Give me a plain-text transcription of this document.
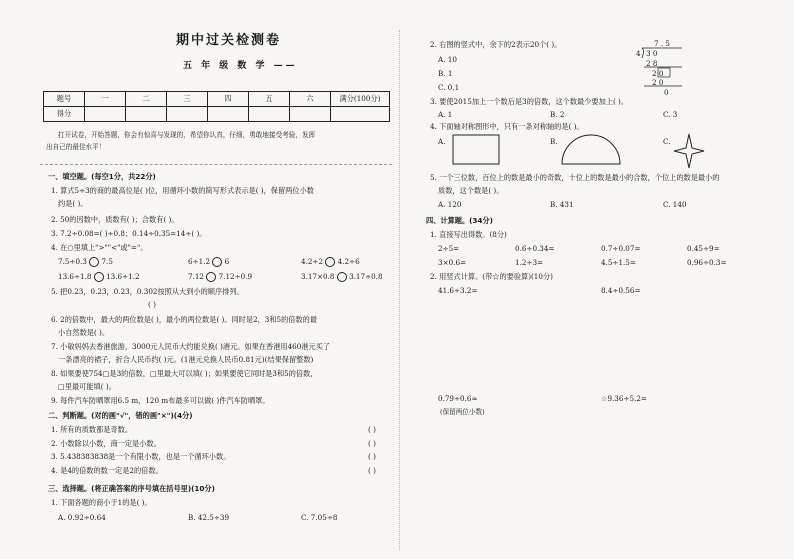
期中过关检测卷
五 年 级 数 学 ——
题号	一	二	三	四	五	六	满分(100分)
得分							
打开试卷，开始答题，你会有惊喜与发现的，希望你认真，仔细，勇敢地接受考验，发挥
出自己的最佳水平！
一、填空题。(每空1分，共22分)
1. 算式5÷3的商的最高位是( )位，用循环小数的简写形式表示是( )，保留两位小数
约是( )。
2. 50的因数中，质数有( )；合数有( )。
3. 7.2÷0.08=( )÷0.8；0.14÷0.35=14÷( )。
4. 在○里填上">""<"或"="。
7.5÷0.3 7.5	6÷1.2 6	4.2÷2 4.2÷6
13.6÷1.8 13.6÷1.2	7.12 7.12÷0.9	3.17×0.8 3.17÷0.8
5. 把0.23，0.23̇，0.23，0.302按照从大到小的顺序排列。
( )
6. 2的倍数中，最大的两位数是( )，最小的两位数是( )。同时是2，3和5的倍数的最
小自然数是( )。
7. 小敏妈妈去香港旅游，3000元人民币大约能兑换( )港元。如果在香港用460港元买了
一条漂亮的裙子，折合人民币约( )元。(1港元兑换人民币0.81元)(结果保留整数)
8. 如果要使754□是3的倍数，□里最大可以填( )；如果要使它同时是3和5的倍数，
□里最可能填( )。
9. 每件汽车防晒罩用6.5 m，120 m布最多可以做( )件汽车防晒罩。
二、判断题。(对的画"√"，错的画"×")(4分)
1. 所有的质数都是奇数。	( )
2. 小数除以小数，商一定是小数。	( )
3. 5.438383838是一个有限小数，也是一个循环小数。	( )
4. 是4的倍数的数一定是2的倍数。	( )
三、选择题。(将正确答案的序号填在括号里)(10分)
1. 下面各题的商小于1的是( )。
A. 0.92÷0.64	B. 42.5÷39	C. 7.05÷8
2. 右图的竖式中，余下的2表示20个( )。
A. 10
B. 1
C. 0.1
7 . 5
4 3 0
2 8
2 0
2 0
0
3. 要使2015加上一个数后是3的倍数，这个数最少要加上( )。
A. 1	B. 2	C. 3
4. 下面轴对称图形中，只有一条对称轴的是( )。
A.	B.	C.
5. 一个三位数，百位上的数是最小的奇数，十位上的数是最小的合数，个位上的数是最小的
质数，这个数是( )。
A. 120	B. 431	C. 140
四、计算题。(34分)
1. 直接写出得数。(8分)
2÷5=	0.6÷0.34=	0.7÷0.07=	0.45÷9=
3×0.6=	1.2÷3=	4.5÷1.5=	0.96÷0.3=
2. 用竖式计算。(带☆的要验算)(10分)
41.6÷3.2=	8.4÷0.56=
0.79÷0.6≈	☆9.36÷5.2=
(保留两位小数)
